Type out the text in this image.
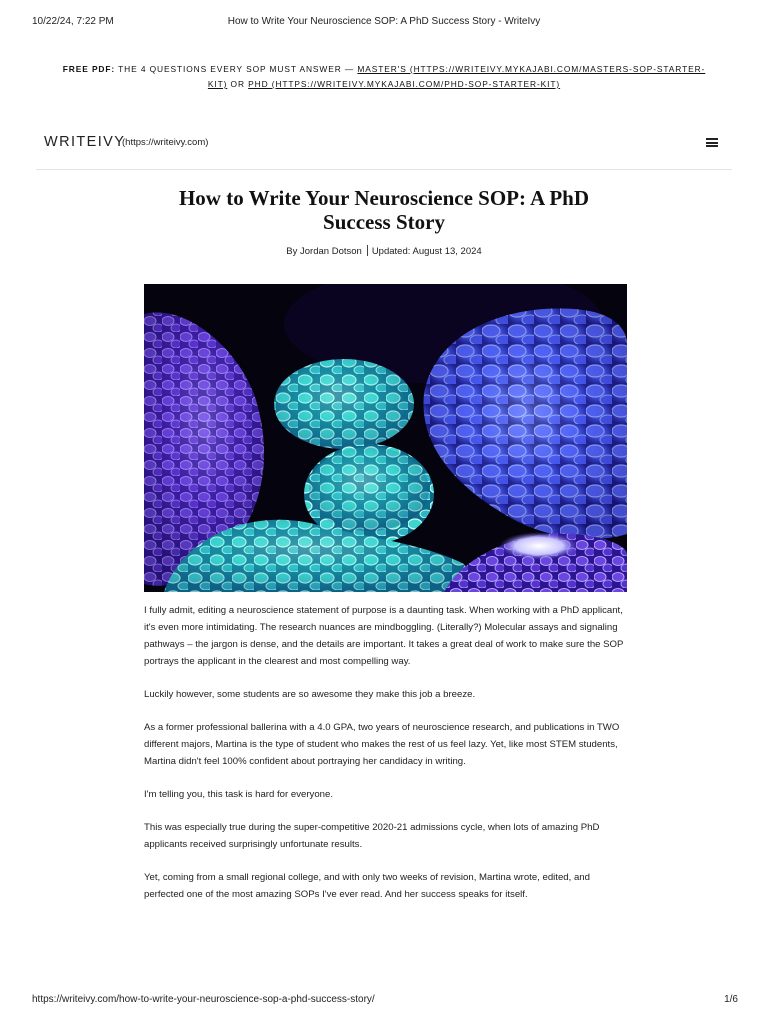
10/22/24, 7:22 PM	How to Write Your Neuroscience SOP: A PhD Success Story - WriteIvy
FREE PDF: THE 4 QUESTIONS EVERY SOP MUST ANSWER — MASTER'S (HTTPS://WRITEIVY.MYKAJABI.COM/MASTERS-SOP-STARTER-KIT) OR PHD (HTTPS://WRITEIVY.MYKAJABI.COM/PHD-SOP-STARTER-KIT)
WRITEIVY
(https://writeivy.com)
How to Write Your Neuroscience SOP: A PhD Success Story
By Jordan Dotson Updated: August 13, 2024

I fully admit, editing a neuroscience statement of purpose is a daunting task. When working with a PhD applicant, it's even more intimidating. The research nuances are mindboggling. (Literally?) Molecular assays and signaling pathways – the jargon is dense, and the details are important. It takes a great deal of work to make sure the SOP portrays the applicant in the clearest and most compelling way.

Luckily however, some students are so awesome they make this job a breeze.

As a former professional ballerina with a 4.0 GPA, two years of neuroscience research, and publications in TWO different majors, Martina is the type of student who makes the rest of us feel lazy. Yet, like most STEM students, Martina didn't feel 100% confident about portraying her candidacy in writing.

I'm telling you, this task is hard for everyone.

This was especially true during the super-competitive 2020-21 admissions cycle, when lots of amazing PhD applicants received surprisingly unfortunate results.

Yet, coming from a small regional college, and with only two weeks of revision, Martina wrote, edited, and perfected one of the most amazing SOPs I've ever read. And her success speaks for itself.

https://writeivy.com/how-to-write-your-neuroscience-sop-a-phd-success-story/	1/6
